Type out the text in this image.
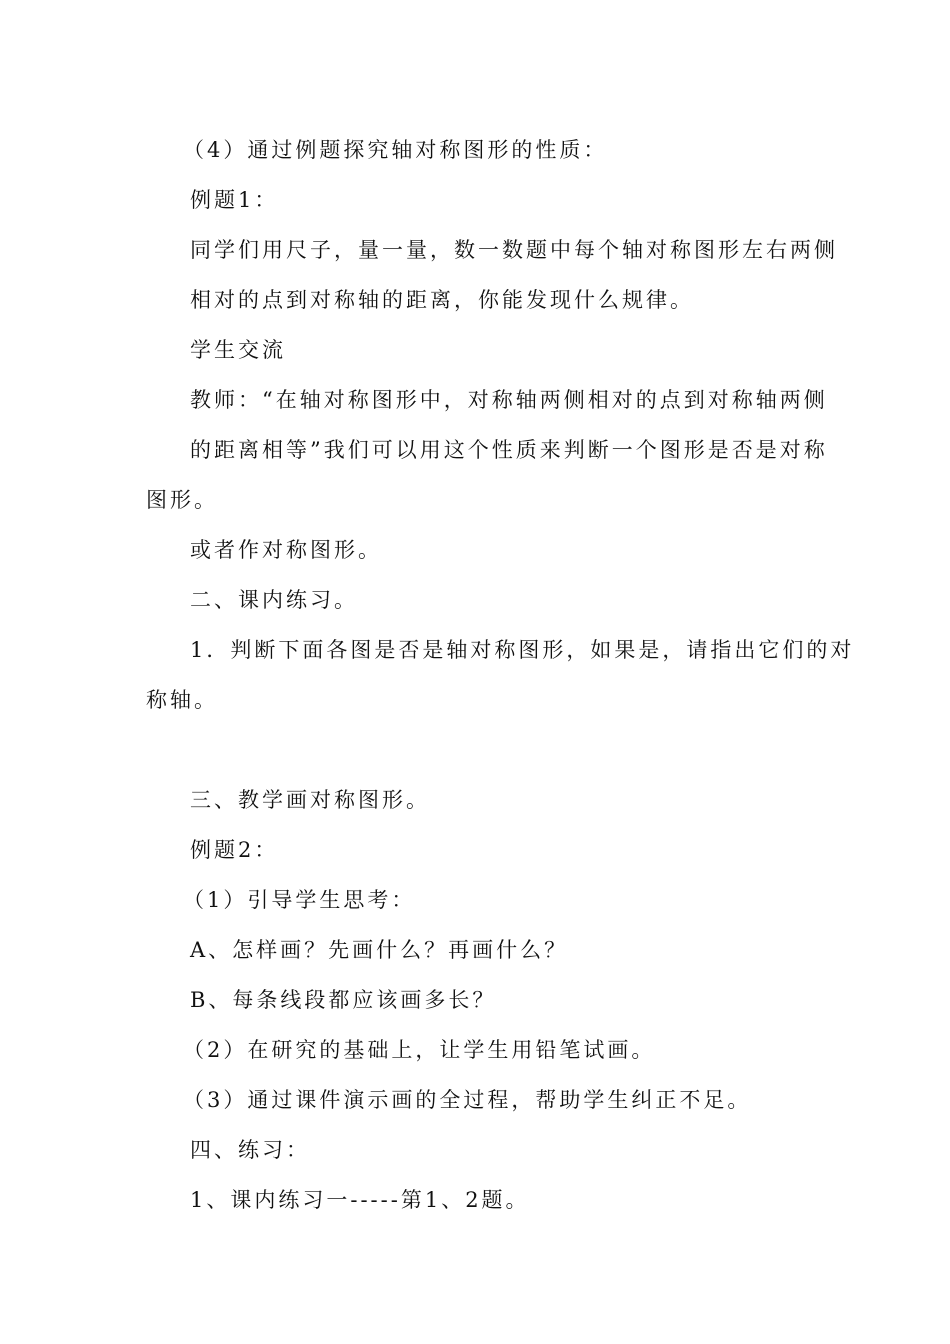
（4）通过例题探究轴对称图形的性质：
例题1：
同学们用尺子，量一量，数一数题中每个轴对称图形左右两侧
相对的点到对称轴的距离，你能发现什么规律。
学生交流
教师：“在轴对称图形中，对称轴两侧相对的点到对称轴两侧
的距离相等”我们可以用这个性质来判断一个图形是否是对称
图形。
或者作对称图形。
二、课内练习。
1．判断下面各图是否是轴对称图形，如果是，请指出它们的对
称轴。
三、教学画对称图形。
例题2：
（1）引导学生思考：
A、怎样画？先画什么？再画什么？
B、每条线段都应该画多长？
（2）在研究的基础上，让学生用铅笔试画。
（3）通过课件演示画的全过程，帮助学生纠正不足。
四、练习：
1、课内练习一-----第1、2题。
